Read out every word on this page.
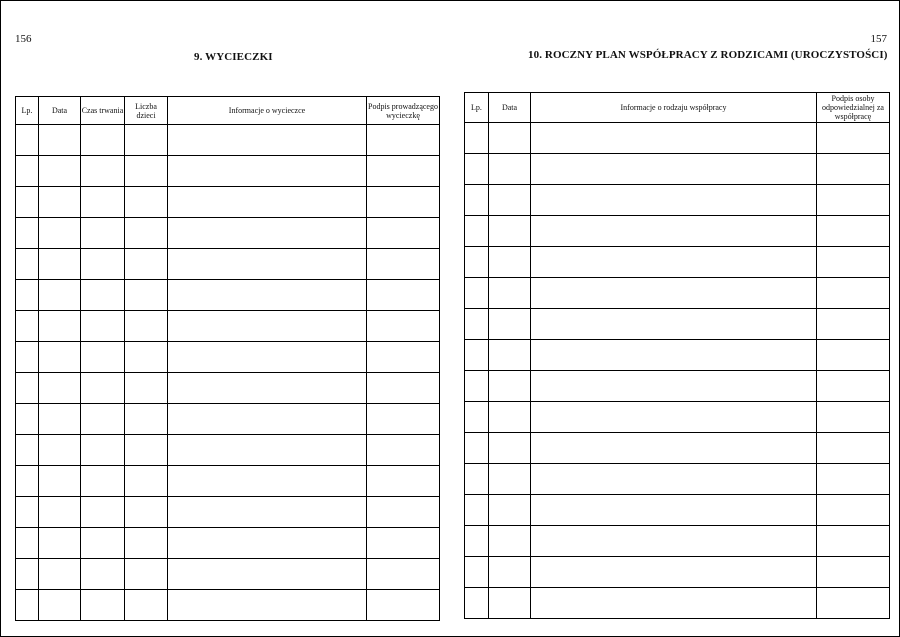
156
9. WYCIECZKI
Lp.	Data	Czas trwania	Liczba dzieci	Informacje o wycieczce	Podpis prowadzącego wycieczkę

157
10. ROCZNY PLAN WSPÓŁPRACY Z RODZICAMI (UROCZYSTOŚCI)
Lp.	Data	Informacje o rodzaju współpracy	Podpis osoby odpowiedzialnej za współpracę
